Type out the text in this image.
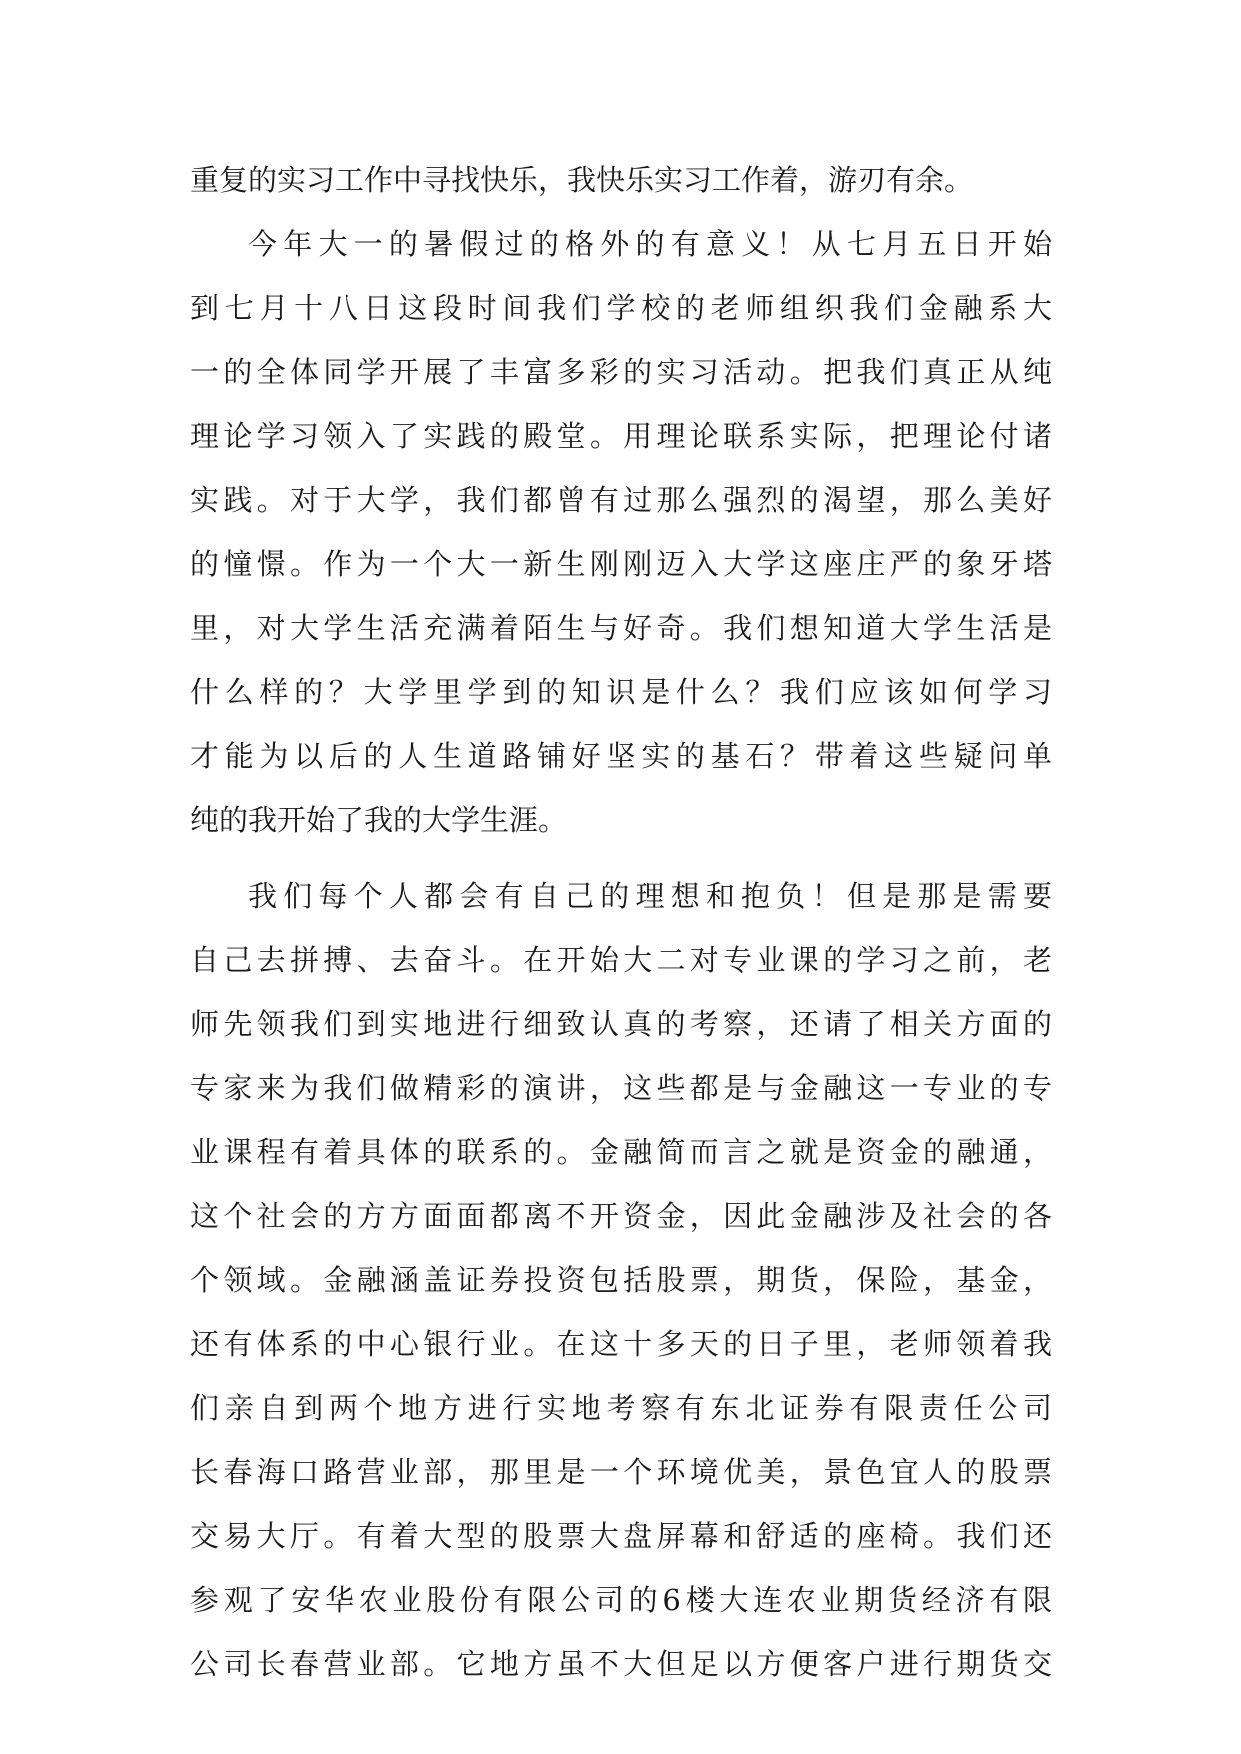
重复的实习工作中寻找快乐，我快乐实习工作着，游刃有余。
今年大一的暑假过的格外的有意义！从七月五日开始
到七月十八日这段时间我们学校的老师组织我们金融系大
一的全体同学开展了丰富多彩的实习活动。把我们真正从纯
理论学习领入了实践的殿堂。用理论联系实际，把理论付诸
实践。对于大学，我们都曾有过那么强烈的渴望，那么美好
的憧憬。作为一个大一新生刚刚迈入大学这座庄严的象牙塔
里，对大学生活充满着陌生与好奇。我们想知道大学生活是
什么样的？大学里学到的知识是什么？我们应该如何学习
才能为以后的人生道路铺好坚实的基石？带着这些疑问单
纯的我开始了我的大学生涯。
我们每个人都会有自己的理想和抱负！但是那是需要
自己去拼搏、去奋斗。在开始大二对专业课的学习之前，老
师先领我们到实地进行细致认真的考察，还请了相关方面的
专家来为我们做精彩的演讲，这些都是与金融这一专业的专
业课程有着具体的联系的。金融简而言之就是资金的融通，
这个社会的方方面面都离不开资金，因此金融涉及社会的各
个领域。金融涵盖证券投资包括股票，期货，保险，基金，
还有体系的中心银行业。在这十多天的日子里，老师领着我
们亲自到两个地方进行实地考察有东北证券有限责任公司
长春海口路营业部，那里是一个环境优美，景色宜人的股票
交易大厅。有着大型的股票大盘屏幕和舒适的座椅。我们还
参观了安华农业股份有限公司的6楼大连农业期货经济有限
公司长春营业部。它地方虽不大但足以方便客户进行期货交
